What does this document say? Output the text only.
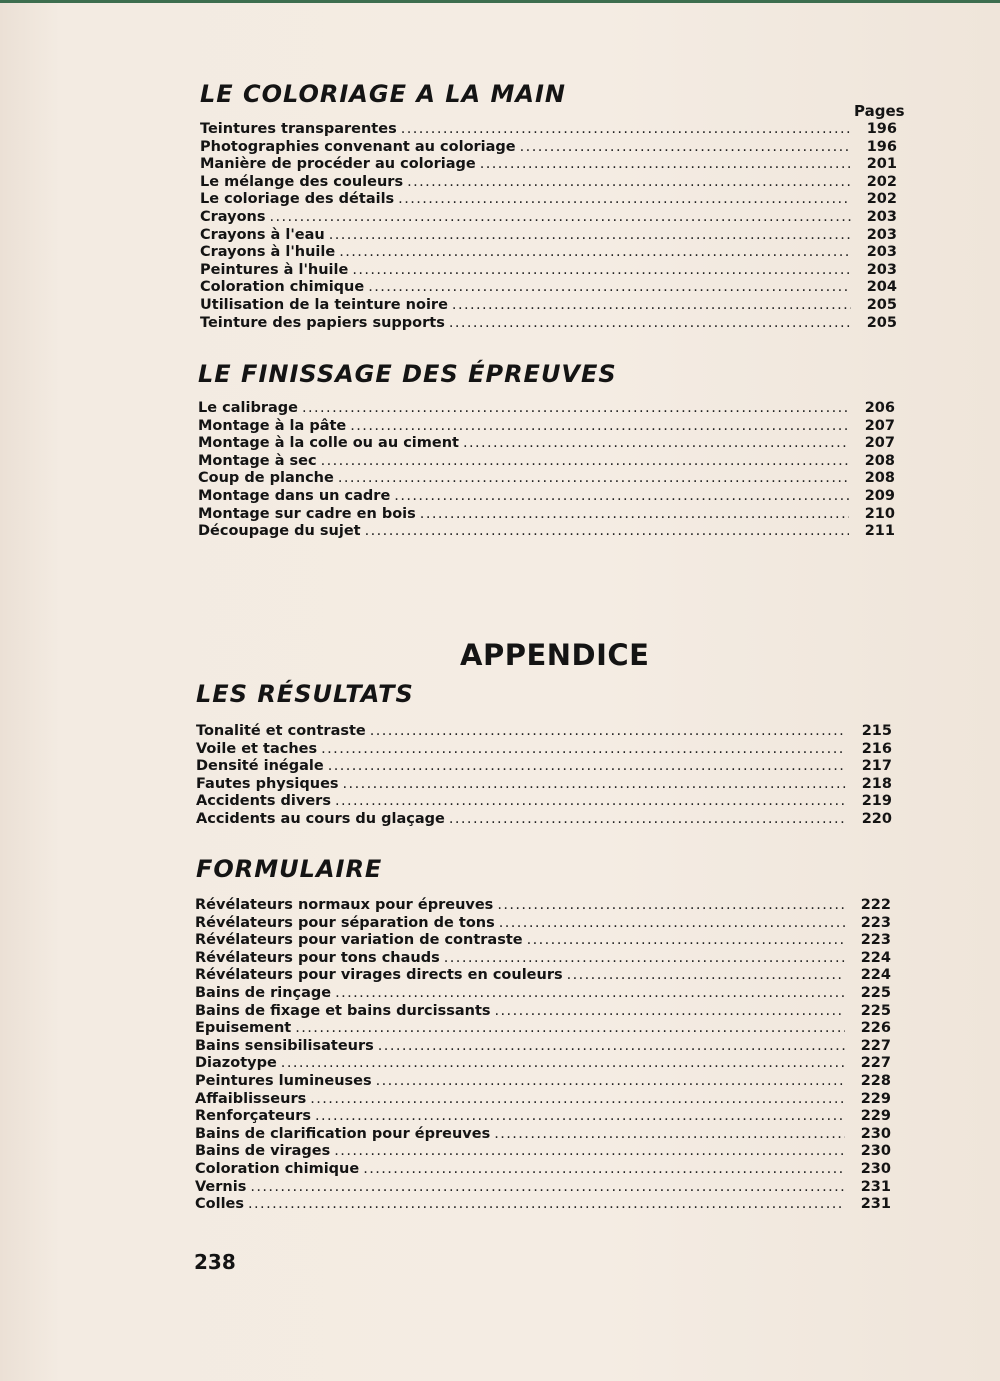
LE COLORIAGE A LA MAIN
Pages
Teintures transparentes . . .	196
Photographies convenant au coloriage . . .	196
Manière de procéder au coloriage . . .	201
Le mélange des couleurs . . .	202
Le coloriage des détails . . .	202
Crayons . . .	203
Crayons à l'eau . . .	203
Crayons à l'huile . . .	203
Peintures à l'huile . . .	203
Coloration chimique . . .	204
Utilisation de la teinture noire . . .	205
Teinture des papiers supports . . .	205
LE FINISSAGE DES ÉPREUVES
Le calibrage . . .	206
Montage à la pâte . . .	207
Montage à la colle ou au ciment . . .	207
Montage à sec . . .	208
Coup de planche . . .	208
Montage dans un cadre . . .	209
Montage sur cadre en bois . . .	210
Découpage du sujet . . .	211
APPENDICE
LES RÉSULTATS
Tonalité et contraste . . .	215
Voile et taches . . .	216
Densité inégale . . .	217
Fautes physiques . . .	218
Accidents divers . . .	219
Accidents au cours du glaçage . . .	220
FORMULAIRE
Révélateurs normaux pour épreuves . . .	222
Révélateurs pour séparation de tons . . .	223
Révélateurs pour variation de contraste . . .	223
Révélateurs pour tons chauds . . .	224
Révélateurs pour virages directs en couleurs . . .	224
Bains de rinçage . . .	225
Bains de fixage et bains durcissants . . .	225
Epuisement . . .	226
Bains sensibilisateurs . . .	227
Diazotype . . .	227
Peintures lumineuses . . .	228
Affaiblisseurs . . .	229
Renforçateurs . . .	229
Bains de clarification pour épreuves . . .	230
Bains de virages . . .	230
Coloration chimique . . .	230
Vernis . . .	231
Colles . . .	231
238
